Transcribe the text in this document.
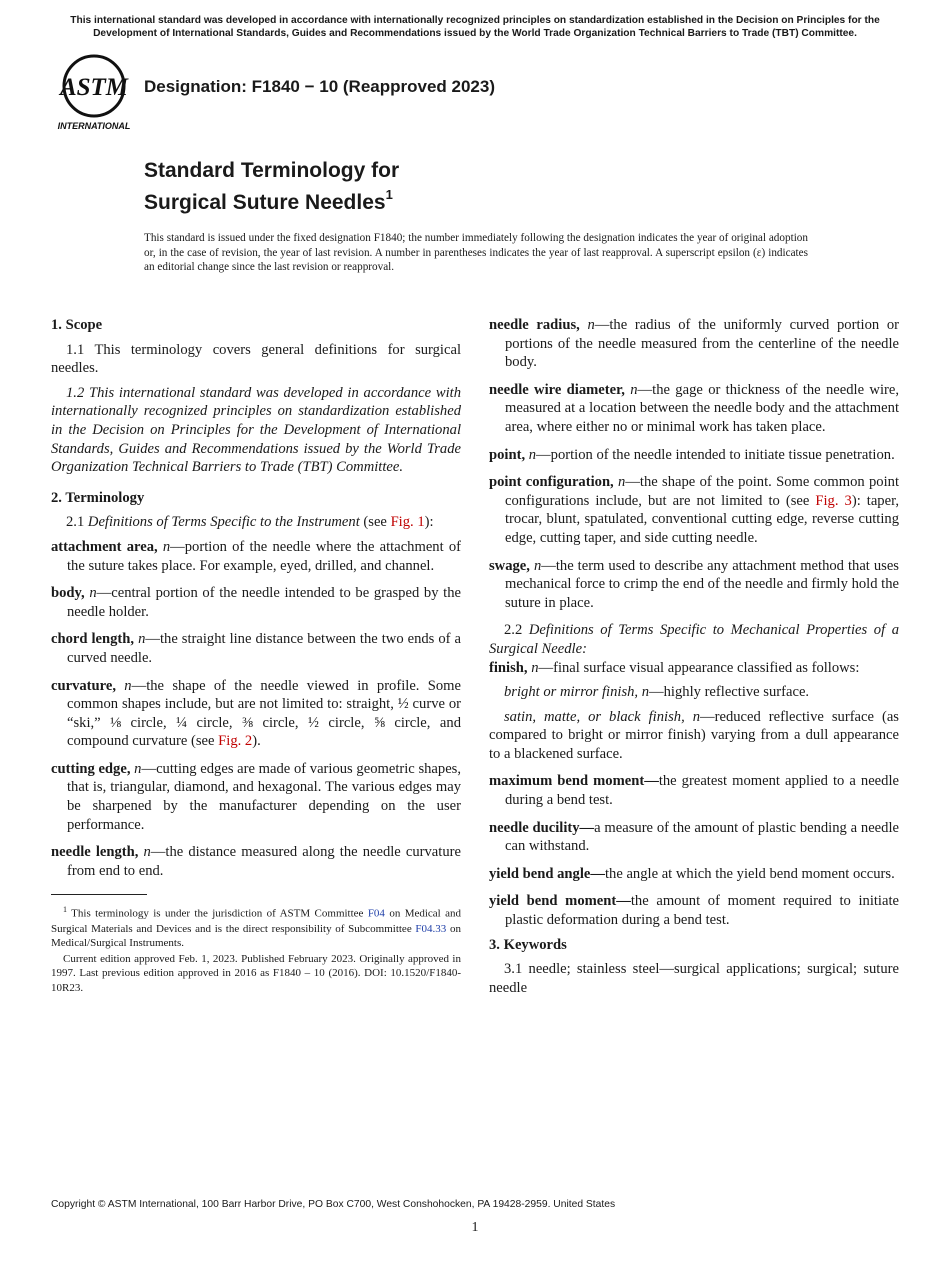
This international standard was developed in accordance with internationally recognized principles on standardization established in the Decision on Principles for the Development of International Standards, Guides and Recommendations issued by the World Trade Organization Technical Barriers to Trade (TBT) Committee.
ASTM
INTERNATIONAL
Designation: F1840 − 10 (Reapproved 2023)
Standard Terminology for
Surgical Suture Needles$^1$
This standard is issued under the fixed designation F1840; the number immediately following the designation indicates the year of original adoption or, in the case of revision, the year of last revision. A number in parentheses indicates the year of last reapproval. A superscript epsilon (ε) indicates an editorial change since the last revision or reapproval.
1. Scope

1.1 This terminology covers general definitions for surgical needles.

1.2 This international standard was developed in accordance with internationally recognized principles on standardization established in the Decision on Principles for the Development of International Standards, Guides and Recommendations issued by the World Trade Organization Technical Barriers to Trade (TBT) Committee.

2. Terminology

2.1 Definitions of Terms Specific to the Instrument (see Fig. 1):

attachment area, n—portion of the needle where the attachment of the suture takes place. For example, eyed, drilled, and channel.

body, n—central portion of the needle intended to be grasped by the needle holder.

chord length, n—the straight line distance between the two ends of a curved needle.

curvature, n—the shape of the needle viewed in profile. Some common shapes include, but are not limited to: straight, ½ curve or “ski,” ⅛ circle, ¼ circle, ⅜ circle, ½ circle, ⅝ circle, and compound curvature (see Fig. 2).

cutting edge, n—cutting edges are made of various geometric shapes, that is, triangular, diamond, and hexagonal. The various edges may be sharpened by the manufacturer depending on the user performance.

needle length, n—the distance measured along the needle curvature from end to end.

$^1$ This terminology is under the jurisdiction of ASTM Committee F04 on Medical and Surgical Materials and Devices and is the direct responsibility of Subcommittee F04.33 on Medical/Surgical Instruments.

Current edition approved Feb. 1, 2023. Published February 2023. Originally approved in 1997. Last previous edition approved in 2016 as F1840 – 10 (2016). DOI: 10.1520/F1840-10R23.

needle radius, n—the radius of the uniformly curved portion or portions of the needle measured from the centerline of the needle body.

needle wire diameter, n—the gage or thickness of the needle wire, measured at a location between the needle body and the attachment area, where either no or minimal work has taken place.

point, n—portion of the needle intended to initiate tissue penetration.

point configuration, n—the shape of the point. Some common point configurations include, but are not limited to (see Fig. 3): taper, trocar, blunt, spatulated, conventional cutting edge, reverse cutting edge, cutting taper, and side cutting needle.

swage, n—the term used to describe any attachment method that uses mechanical force to crimp the end of the needle and firmly hold the suture in place.

2.2 Definitions of Terms Specific to Mechanical Properties of a Surgical Needle:

finish, n—final surface visual appearance classified as follows:

bright or mirror finish, n—highly reflective surface.

satin, matte, or black finish, n—reduced reflective surface (as compared to bright or mirror finish) varying from a dull appearance to a blackened surface.

maximum bend moment—the greatest moment applied to a needle during a bend test.

needle ducility—a measure of the amount of plastic bending a needle can withstand.

yield bend angle—the angle at which the yield bend moment occurs.

yield bend moment—the amount of moment required to initiate plastic deformation during a bend test.

3. Keywords

3.1 needle; stainless steel—surgical applications; surgical; suture needle

Copyright © ASTM International, 100 Barr Harbor Drive, PO Box C700, West Conshohocken, PA 19428-2959. United States
1
